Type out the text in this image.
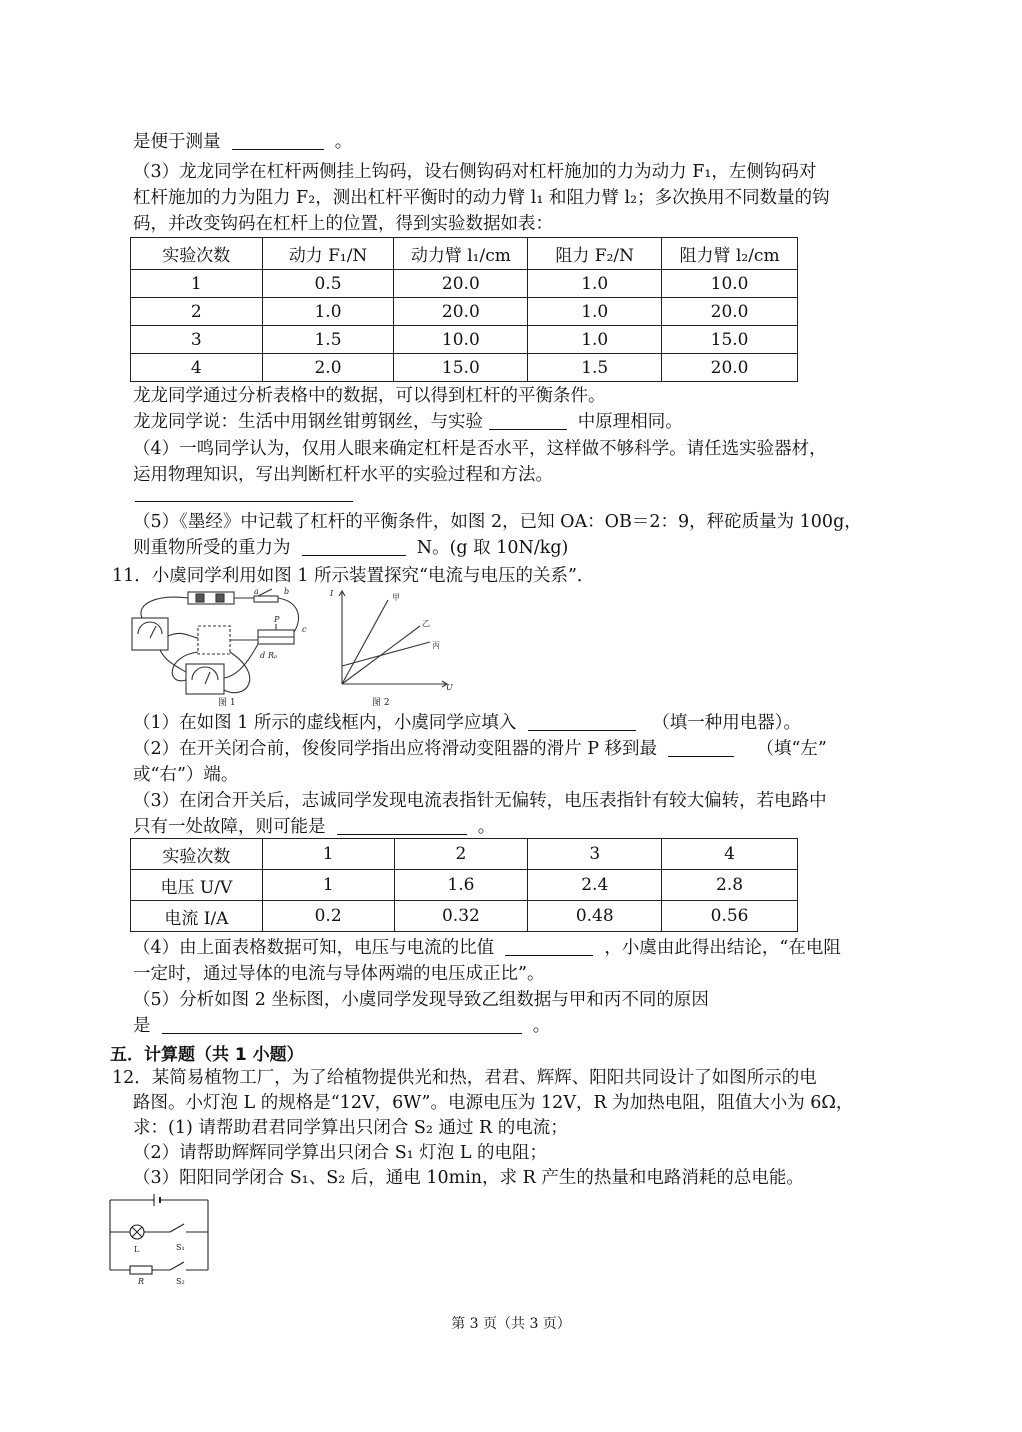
是便于测量	。
（3）龙龙同学在杠杆两侧挂上钩码，设右侧钩码对杠杆施加的力为动力 F₁，左侧钩码对
杠杆施加的力为阻力 F₂，测出杠杆平衡时的动力臂 l₁ 和阻力臂 l₂；多次换用不同数量的钩
码，并改变钩码在杠杆上的位置，得到实验数据如表：
实验次数	动力 F₁/N	动力臂 l₁/cm	阻力 F₂/N	阻力臂 l₂/cm
1	0.5	20.0	1.0	10.0
2	1.0	20.0	1.0	20.0
3	1.5	10.0	1.0	15.0
4	2.0	15.0	1.5	20.0
龙龙同学通过分析表格中的数据，可以得到杠杆的平衡条件。
龙龙同学说：生活中用钢丝钳剪钢丝，与实验	中原理相同。
（4）一鸣同学认为，仅用人眼来确定杠杆是否水平，这样做不够科学。请任选实验器材，
运用物理知识，写出判断杠杆水平的实验过程和方法。
（5）《墨经》中记载了杠杆的平衡条件，如图 2，已知 OA：OB＝2：9，秤砣质量为 100g，
则重物所受的重力为	N。(g 取 10N/kg)
11．小虞同学利用如图 1 所示装置探究“电流与电压的关系”．
a	b
c
d
P
Rₚ
图 1
I
U
甲
乙
丙
图 2
（1）在如图 1 所示的虚线框内，小虞同学应填入	（填一种用电器）。
（2）在开关闭合前，俊俊同学指出应将滑动变阻器的滑片 P 移到最	（填“左”
或“右”）端。
（3）在闭合开关后，志诚同学发现电流表指针无偏转，电压表指针有较大偏转，若电路中
只有一处故障，则可能是	。
实验次数	1	2	3	4
电压 U/V	1	1.6	2.4	2.8
电流 I/A	0.2	0.32	0.48	0.56
（4）由上面表格数据可知，电压与电流的比值	，小虞由此得出结论，“在电阻
一定时，通过导体的电流与导体两端的电压成正比”。
（5）分析如图 2 坐标图，小虞同学发现导致乙组数据与甲和丙不同的原因
是	。
五．计算题（共 1 小题）
12．某简易植物工厂，为了给植物提供光和热，君君、辉辉、阳阳共同设计了如图所示的电
路图。小灯泡 L 的规格是“12V，6W”。电源电压为 12V，R 为加热电阻，阻值大小为 6Ω，
求：(1) 请帮助君君同学算出只闭合 S₂ 通过 R 的电流；
（2）请帮助辉辉同学算出只闭合 S₁ 灯泡 L 的电阻；
（3）阳阳同学闭合 S₁、S₂ 后，通电 10min，求 R 产生的热量和电路消耗的总电能。
L	S₁
R	S₂
第 3 页（共 3 页）
